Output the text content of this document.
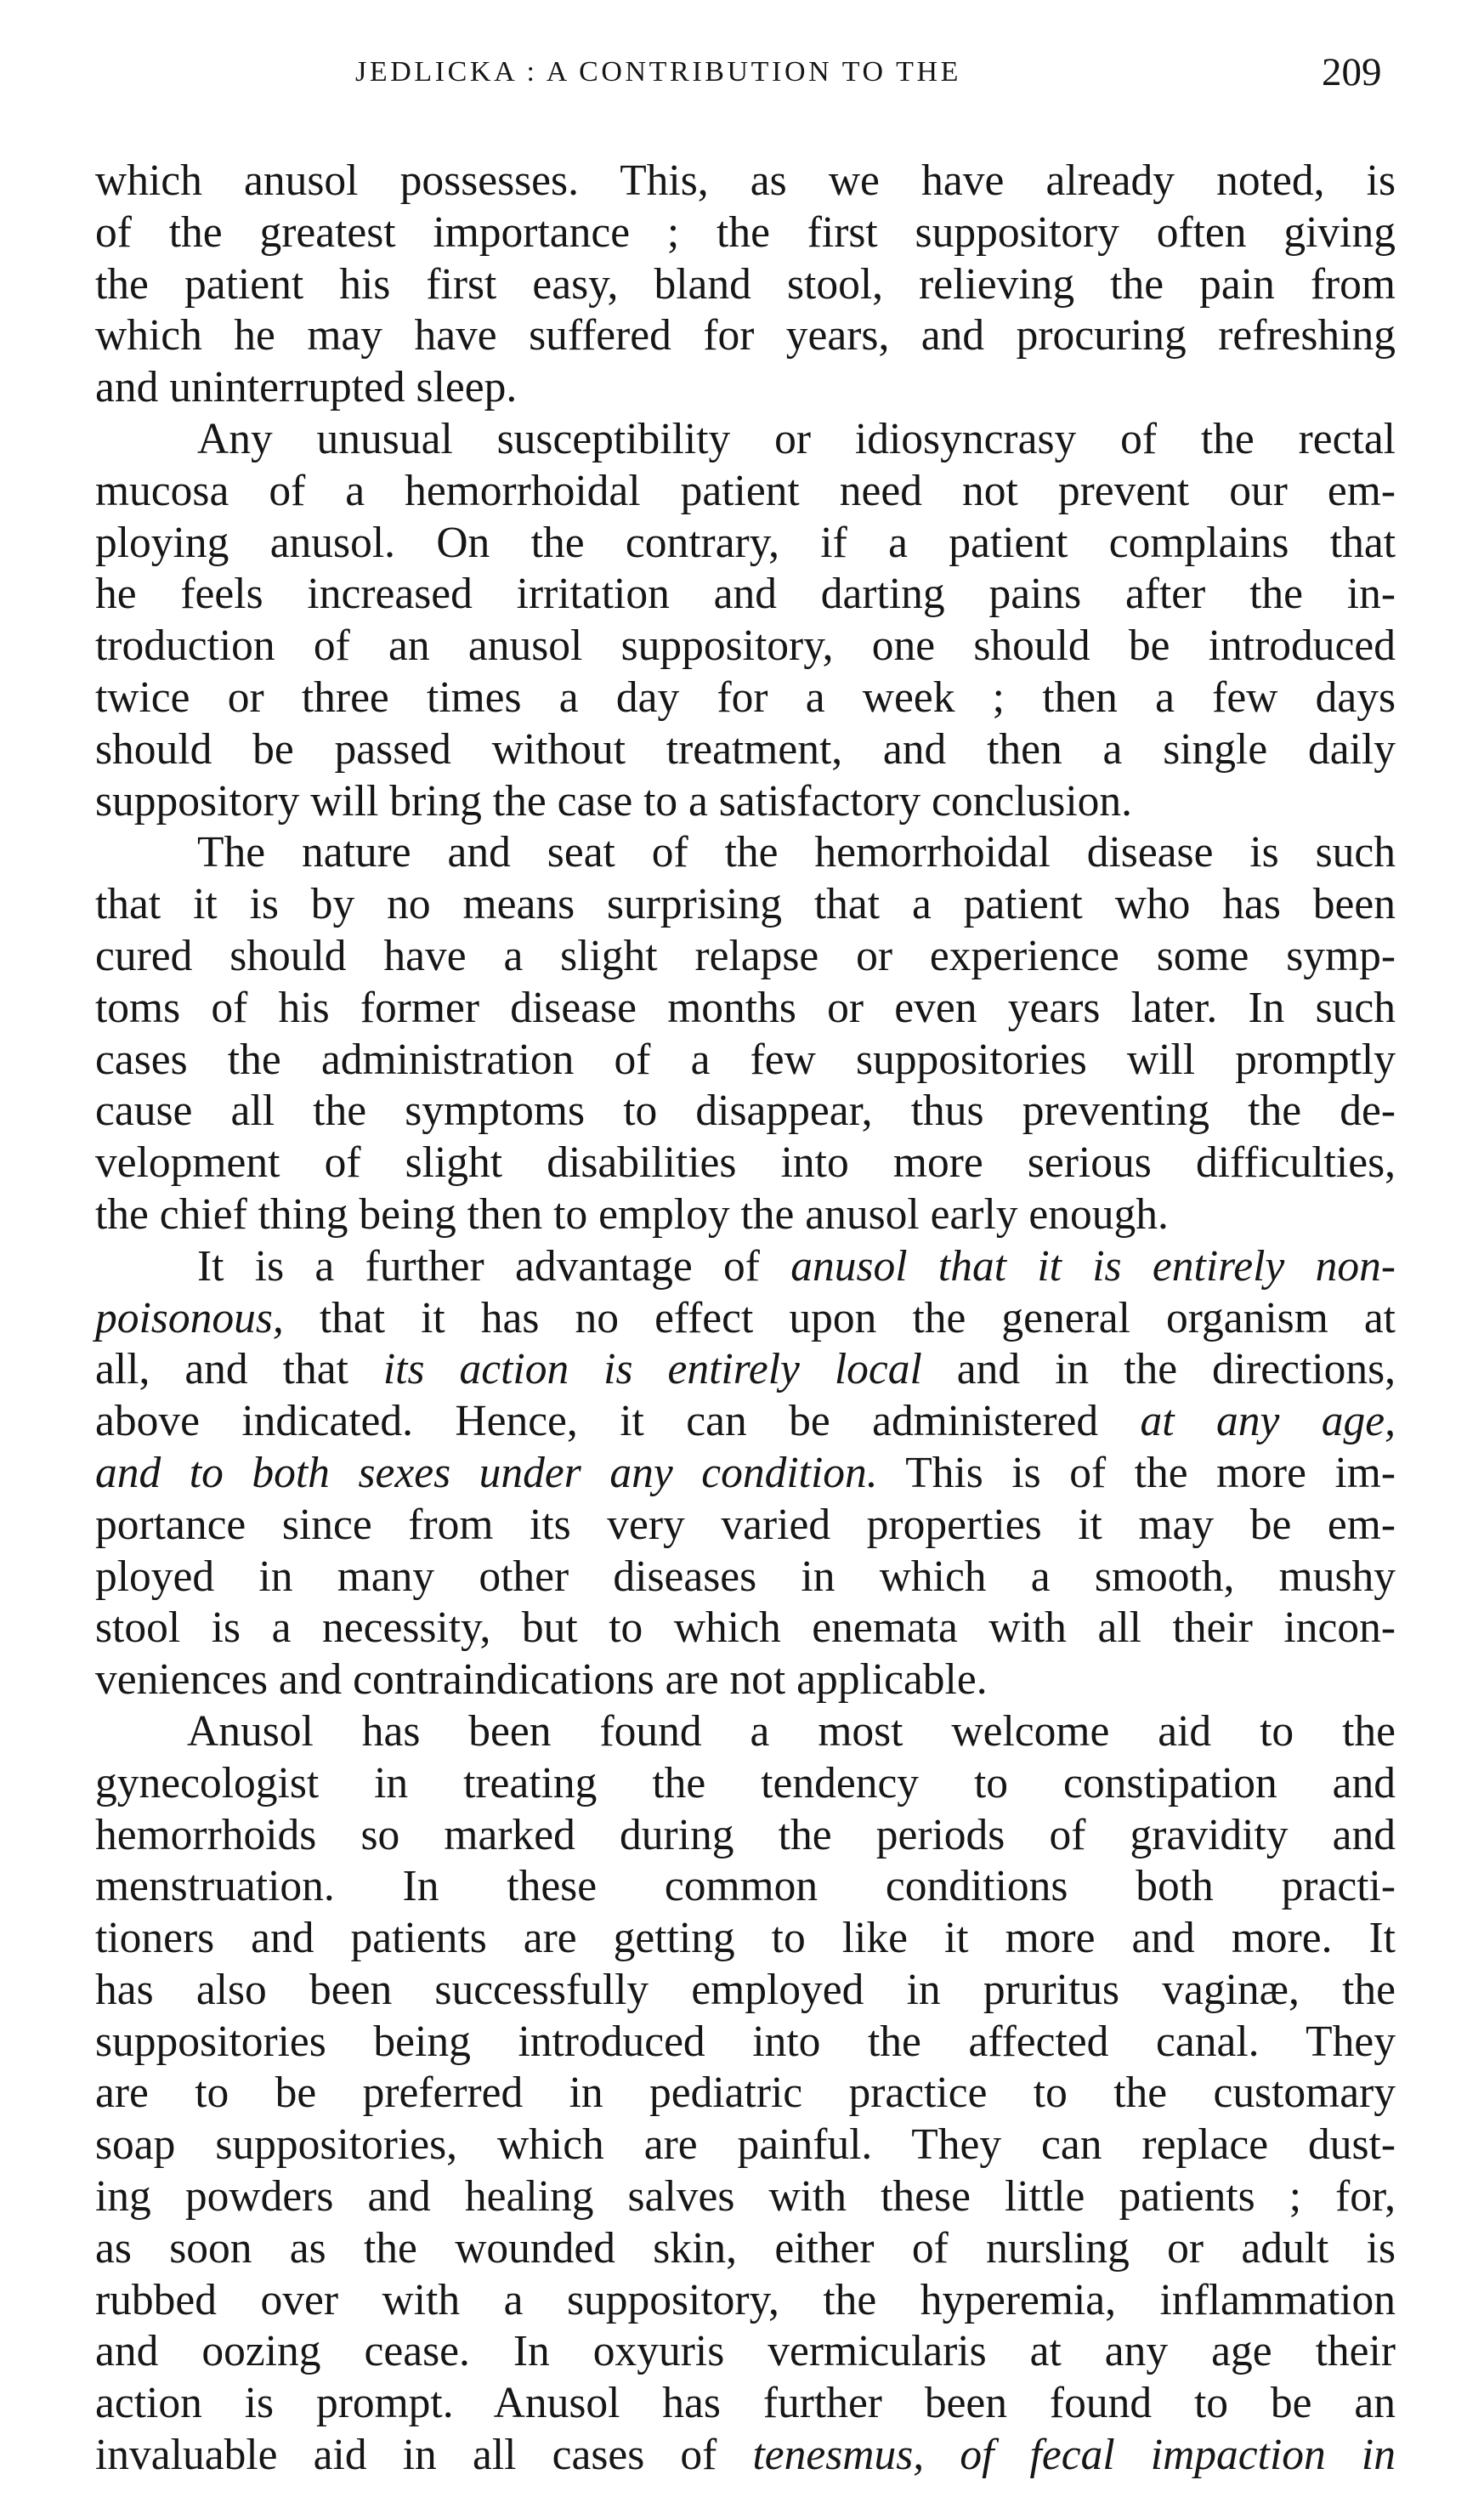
JEDLICKA : A CONTRIBUTION TO THE	209
which anusol possesses. This, as we have already noted, is
of the greatest importance ; the first suppository often giving
the patient his first easy, bland stool, relieving the pain from
which he may have suffered for years, and procuring refreshing
and uninterrupted sleep.
Any unusual susceptibility or idiosyncrasy of the rectal
mucosa of a hemorrhoidal patient need not prevent our em-
ploying anusol. On the contrary, if a patient complains that
he feels increased irritation and darting pains after the in-
troduction of an anusol suppository, one should be introduced
twice or three times a day for a week ; then a few days
should be passed without treatment, and then a single daily
suppository will bring the case to a satisfactory conclusion.
The nature and seat of the hemorrhoidal disease is such
that it is by no means surprising that a patient who has been
cured should have a slight relapse or experience some symp-
toms of his former disease months or even years later. In such
cases the administration of a few suppositories will promptly
cause all the symptoms to disappear, thus preventing the de-
velopment of slight disabilities into more serious difficulties,
the chief thing being then to employ the anusol early enough.
It is a further advantage of anusol that it is entirely non-
poisonous, that it has no effect upon the general organism at
all, and that its action is entirely local and in the directions,
above indicated. Hence, it can be administered at any age,
and to both sexes under any condition. This is of the more im-
portance since from its very varied properties it may be em-
ployed in many other diseases in which a smooth, mushy
stool is a necessity, but to which enemata with all their incon-
veniences and contraindications are not applicable.
Anusol has been found a most welcome aid to the
gynecologist in treating the tendency to constipation and
hemorrhoids so marked during the periods of gravidity and
menstruation. In these common conditions both practi-
tioners and patients are getting to like it more and more. It
has also been successfully employed in pruritus vaginæ, the
suppositories being introduced into the affected canal. They
are to be preferred in pediatric practice to the customary
soap suppositories, which are painful. They can replace dust-
ing powders and healing salves with these little patients ; for,
as soon as the wounded skin, either of nursling or adult is
rubbed over with a suppository, the hyperemia, inflammation
and oozing cease. In oxyuris vermicularis at any age their
action is prompt. Anusol has further been found to be an
invaluable aid in all cases of tenesmus, of fecal impaction in
